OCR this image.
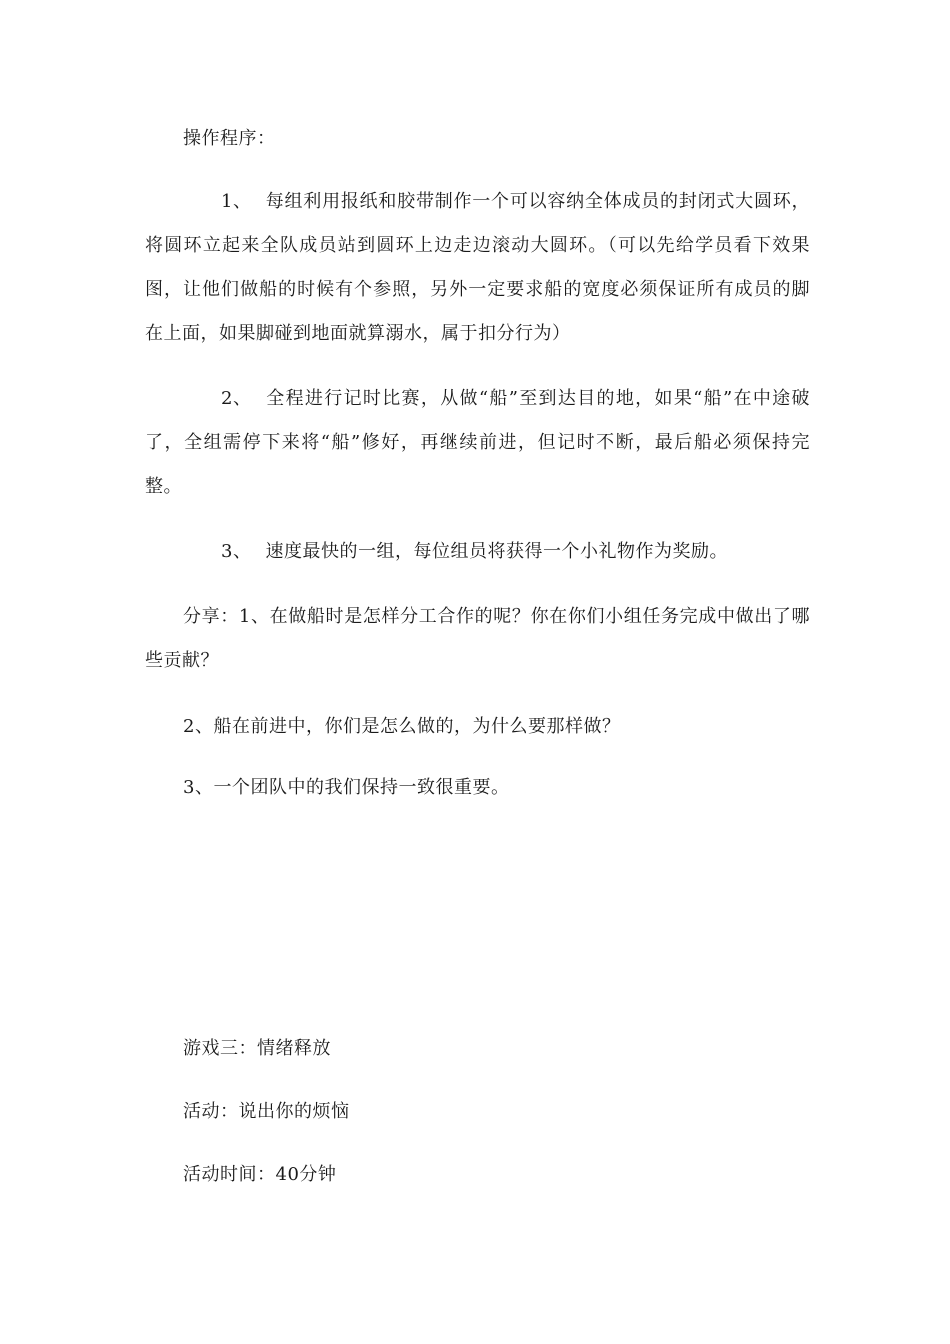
操作程序：

1、 每组利用报纸和胶带制作一个可以容纳全体成员的封闭式大圆环，将圆环立起来全队成员站到圆环上边走边滚动大圆环。（可以先给学员看下效果图，让他们做船的时候有个参照，另外一定要求船的宽度必须保证所有成员的脚在上面，如果脚碰到地面就算溺水，属于扣分行为）

2、 全程进行记时比赛，从做“船”至到达目的地，如果“船”在中途破了，全组需停下来将“船”修好，再继续前进，但记时不断，最后船必须保持完整。

3、 速度最快的一组，每位组员将获得一个小礼物作为奖励。

分享：1、在做船时是怎样分工合作的呢？你在你们小组任务完成中做出了哪些贡献？

2、船在前进中，你们是怎么做的，为什么要那样做？

3、一个团队中的我们保持一致很重要。

游戏三：情绪释放

活动：说出你的烦恼

活动时间：40分钟
